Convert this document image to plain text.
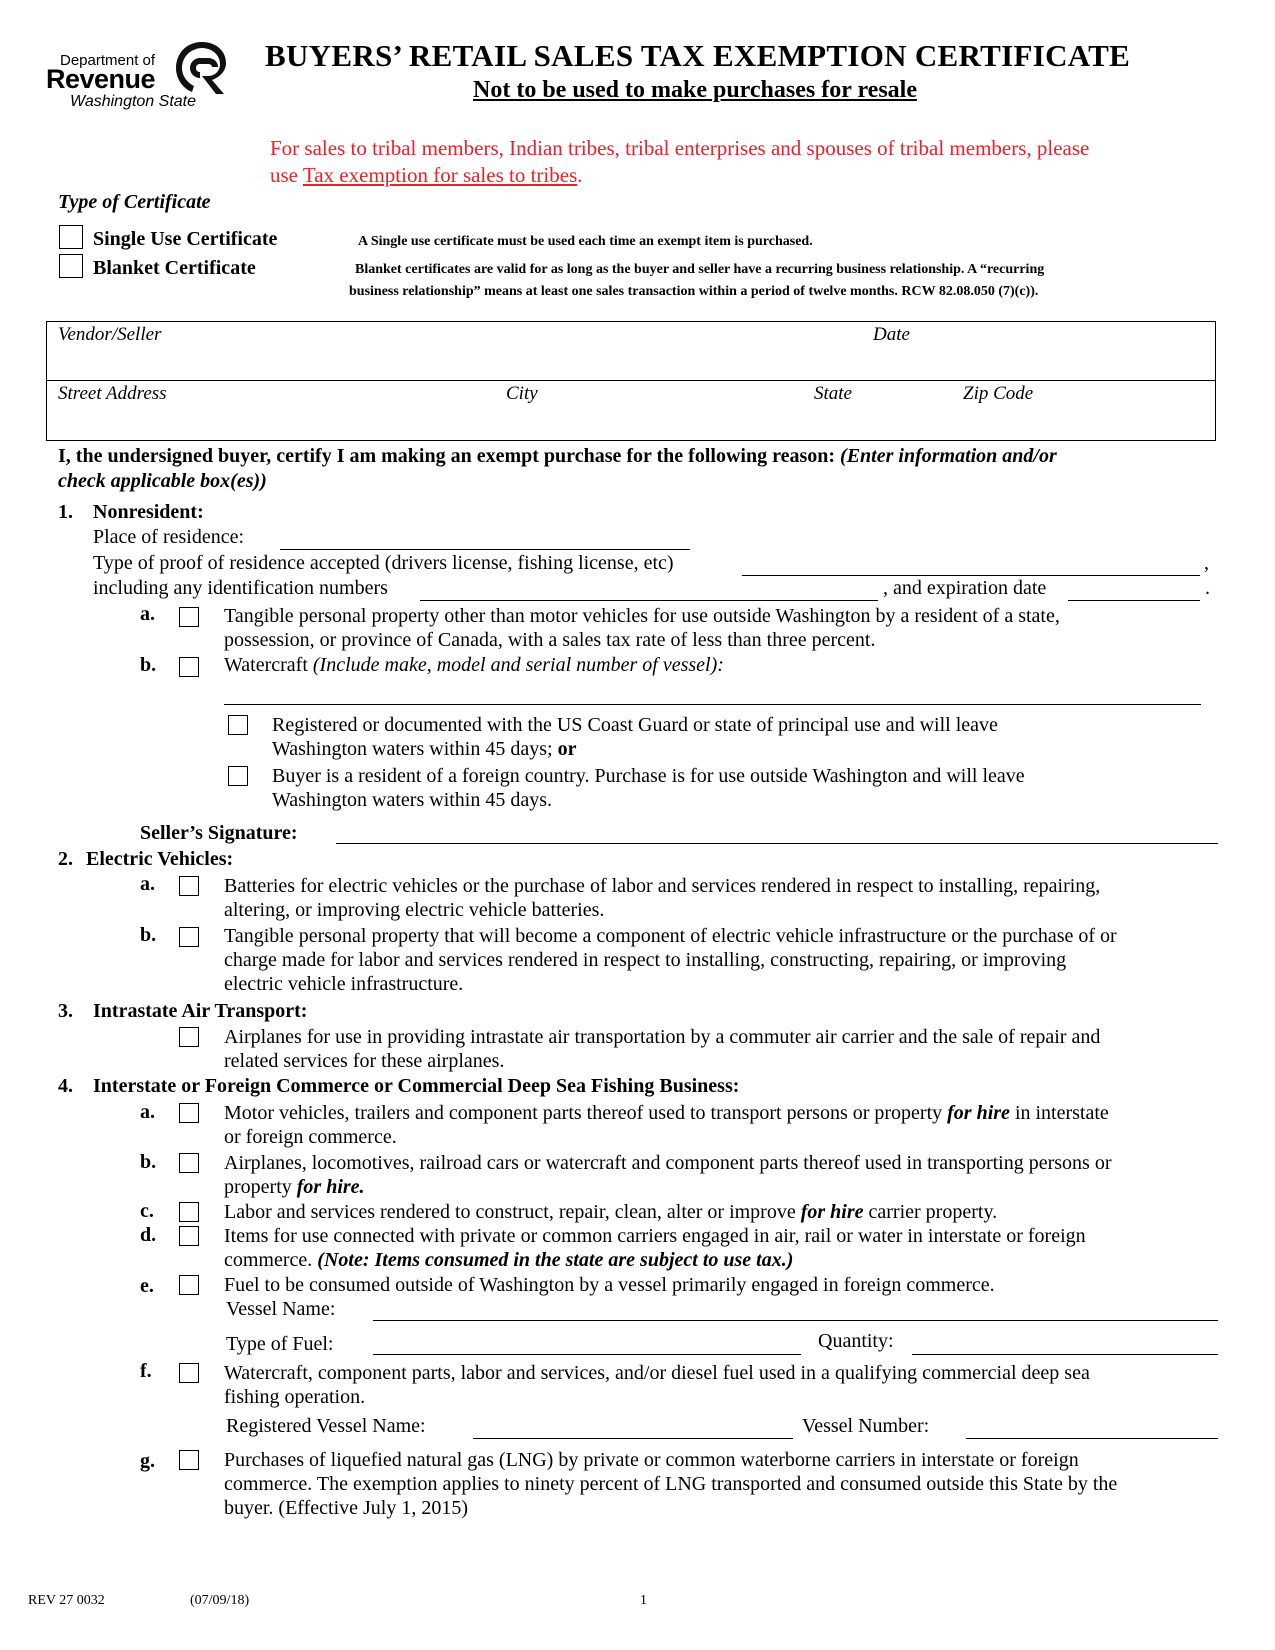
Department of
Revenue
Washington State
BUYERS’ RETAIL SALES TAX EXEMPTION CERTIFICATE
Not to be used to make purchases for resale
For sales to tribal members, Indian tribes, tribal enterprises and spouses of tribal members, please
use Tax exemption for sales to tribes.
Type of Certificate
Single Use Certificate
Blanket Certificate
A Single use certificate must be used each time an exempt item is purchased.
Blanket certificates are valid for as long as the buyer and seller have a recurring business relationship. A “recurring
business relationship” means at least one sales transaction within a period of twelve months. RCW 82.08.050 (7)(c)).
Vendor/Seller	Date
Street Address	City	State	Zip Code
I, the undersigned buyer, certify I am making an exempt purchase for the following reason: (Enter information and/or
check applicable box(es))
1. Nonresident:
Place of residence:
Type of proof of residence accepted (drivers license, fishing license, etc)	,
including any identification numbers	, and expiration date	.
a.	Tangible personal property other than motor vehicles for use outside Washington by a resident of a state,
possession, or province of Canada, with a sales tax rate of less than three percent.
b.	Watercraft (Include make, model and serial number of vessel):
Registered or documented with the US Coast Guard or state of principal use and will leave
Washington waters within 45 days; or
Buyer is a resident of a foreign country. Purchase is for use outside Washington and will leave
Washington waters within 45 days.
Seller’s Signature:
2. Electric Vehicles:
a.	Batteries for electric vehicles or the purchase of labor and services rendered in respect to installing, repairing,
altering, or improving electric vehicle batteries.
b.	Tangible personal property that will become a component of electric vehicle infrastructure or the purchase of or
charge made for labor and services rendered in respect to installing, constructing, repairing, or improving
electric vehicle infrastructure.
3. Intrastate Air Transport:
Airplanes for use in providing intrastate air transportation by a commuter air carrier and the sale of repair and
related services for these airplanes.
4. Interstate or Foreign Commerce or Commercial Deep Sea Fishing Business:
a.	Motor vehicles, trailers and component parts thereof used to transport persons or property for hire in interstate
or foreign commerce.
b.	Airplanes, locomotives, railroad cars or watercraft and component parts thereof used in transporting persons or
property for hire.
c.	Labor and services rendered to construct, repair, clean, alter or improve for hire carrier property.
d.	Items for use connected with private or common carriers engaged in air, rail or water in interstate or foreign
commerce. (Note: Items consumed in the state are subject to use tax.)
e.	Fuel to be consumed outside of Washington by a vessel primarily engaged in foreign commerce.
Vessel Name:
Type of Fuel:	Quantity:
f.	Watercraft, component parts, labor and services, and/or diesel fuel used in a qualifying commercial deep sea
fishing operation.
Registered Vessel Name:	Vessel Number:
g.	Purchases of liquefied natural gas (LNG) by private or common waterborne carriers in interstate or foreign
commerce. The exemption applies to ninety percent of LNG transported and consumed outside this State by the
buyer. (Effective July 1, 2015)
REV 27 0032	(07/09/18)	1
